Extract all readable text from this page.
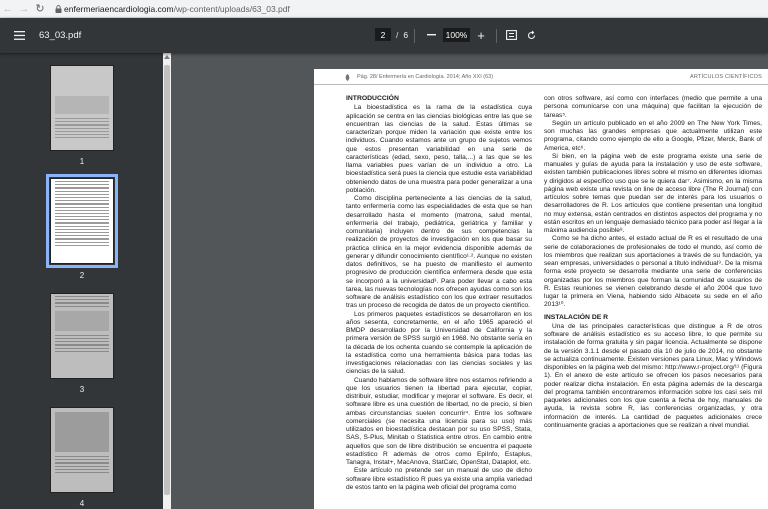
← → ↻	enfermeriaencardiologia.com /wp-content/uploads/63_03.pdf
63_03.pdf	2	/ 6	100% +
1
2
3
4
Pág. 28/ Enfermería en Cardiología. 2014; Año XXI (63)	ARTÍCULOS CIENTÍFICOS
INTRODUCCIÓN

La bioestadística es la rama de la estadística cuya aplicación se centra en las ciencias biológicas entre las que se encuentran las ciencias de la salud. Estas últimas se caracterizan porque miden la variación que existe entre los individuos. Cuando estamos ante un grupo de sujetos vemos que estos presentan variabilidad en una serie de características (edad, sexo, peso, talla,...) a las que se les llama variables pues varían de un individuo a otro. La bioestadística será pues la ciencia que estudie esta variabilidad obteniendo datos de una muestra para poder generalizar a una población.

Como disciplina perteneciente a las ciencias de la salud, tanto enfermería como las especialidades de esta que se han desarrollado hasta el momento (matrona, salud mental, enfermería del trabajo, pediátrica, geriátrica y familiar y comunitaria) incluyen dentro de sus competencias la realización de proyectos de investigación en los que basar su práctica clínica en la mejor evidencia disponible además de generar y difundir conocimiento científico¹·². Aunque no existen datos definitivos, se ha puesto de manifiesto el aumento progresivo de producción científica enfermera desde que esta se incorporó a la universidad³. Para poder llevar a cabo esta tarea, las nuevas tecnologías nos ofrecen ayudas como son los software de análisis estadístico con los que extraer resultados tras un proceso de recogida de datos de un proyecto científico.

Los primeros paquetes estadísticos se desarrollaron en los años sesenta, concretamente, en el año 1965 apareció el BMDP desarrollado por la Universidad de California y la primera versión de SPSS surgió en 1968. No obstante sería en la década de los ochenta cuando se contemple la aplicación de la estadística como una herramienta básica para todas las investigaciones relacionadas con las ciencias sociales y las ciencias de la salud.

Cuando hablamos de software libre nos estamos refiriendo a que los usuarios tienen la libertad para ejecutar, copiar, distribuir, estudiar, modificar y mejorar el software. Es decir, el software libre es una cuestión de libertad, no de precio, si bien ambas circunstancias suelen concurrir⁴. Entre los software comerciales (se necesita una licencia para su uso) más utilizados en bioestadística destacan por su uso SPSS, Stata, SAS, S-Plus, Minitab o Statistica entre otros. En cambio entre aquellos que son de libre distribución se encuentra el paquete estadístico R además de otros como EpiInfo, Estaplus, Tanagra, Instat+, MacAnova, StatCalc, OpenStat, Dataplot, etc.

Este artículo no pretende ser un manual de uso de dicho software libre estadístico R pues ya existe una amplia variedad de estos tanto en la página web oficial del programa como

con otros software, así como con interfaces (medio que permite a una persona comunicarse con una máquina) que facilitan la ejecución de tareas⁵.

Según un artículo publicado en el año 2009 en The New York Times, son muchas las grandes empresas que actualmente utilizan este programa, citando como ejemplo de ello a Google, Pfizer, Merck, Bank of America, etc⁶.

Si bien, en la página web de este programa existe una serie de manuales y guías de ayuda para la instalación y uso de este software, existen también publicaciones libres sobre el mismo en diferentes idiomas y dirigidos al específico uso que se le quiera dar⁷. Asimismo, en la misma página web existe una revista on line de acceso libre (The R Journal) con artículos sobre temas que puedan ser de interés para los usuarios o desarrolladores de R. Los artículos que contiene presentan una longitud no muy extensa, están centrados en distintos aspectos del programa y no están escritos en un lenguaje demasiado técnico para poder así llegar a la máxima audiencia posible⁸.

Como se ha dicho antes, el estado actual de R es el resultado de una serie de colaboraciones de profesionales de todo el mundo, así como de los miembros que realizan sus aportaciones a través de su fundación, ya sean empresas, universidades o personal a título individual⁹. De la misma forma este proyecto se desarrolla mediante una serie de conferencias organizadas por los miembros que forman la comunidad de usuarios de R. Estas reuniones se vienen celebrando desde el año 2004 que tuvo lugar la primera en Viena, habiendo sido Albacete su sede en el año 2013¹⁰.

INSTALACIÓN DE R

Una de las principales características que distingue a R de otros software de análisis estadístico es su acceso libre, lo que permite su instalación de forma gratuita y sin pagar licencia. Actualmente se dispone de la versión 3.1.1 desde el pasado día 10 de julio de 2014, no obstante se actualiza continuamente. Existen versiones para Linux, Mac y Windows disponibles en la página web del mismo: http://www.r-project.org/¹¹ (Figura 1). En el anexo de este artículo se ofrecen los pasos necesarios para poder realizar dicha instalación. En esta página además de la descarga del programa también encontraremos información sobre los casi seis mil paquetes adicionales con los que cuenta a fecha de hoy, manuales de ayuda, la revista sobre R, las conferencias organizadas, y otra información de interés. La cantidad de paquetes adicionales crece continuamente gracias a aportaciones que se realizan a nivel mundial.
